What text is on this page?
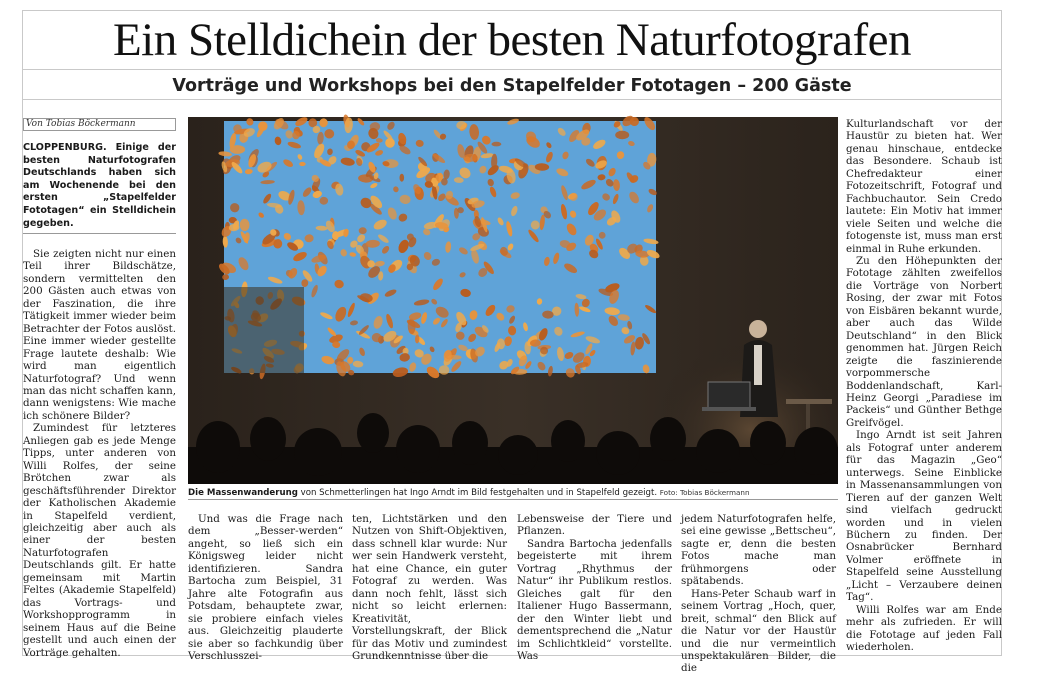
Ein Stelldichein der besten Naturfotografen
Vorträge und Workshops bei den Stapelfelder Fototagen – 200 Gäste
Von Tobias Böckermann
CLOPPENBURG. Einige der besten Naturfotografen Deutschlands haben sich am Wochenende bei den ersten „Stapelfelder Fototagen“ ein Stelldichein gegeben.

Sie zeigten nicht nur einen Teil ihrer Bildschätze, sondern vermittelten den 200 Gästen auch etwas von der Faszination, die ihre Tätigkeit immer wieder beim Betrachter der Fotos auslöst. Eine immer wieder gestellte Frage lautete deshalb: Wie wird man eigentlich Naturfotograf? Und wenn man das nicht schaffen kann, dann wenigstens: Wie mache ich schönere Bilder?

Zumindest für letzteres Anliegen gab es jede Menge Tipps, unter anderen von Willi Rolfes, der seine Brötchen zwar als geschäftsführender Direktor der Katholischen Akademie in Stapelfeld verdient, gleichzeitig aber auch als einer der besten Naturfotografen Deutschlands gilt. Er hatte gemeinsam mit Martin Feltes (Akademie Stapelfeld) das Vortrags- und Workshopprogramm in seinem Haus auf die Beine gestellt und auch einen der Vorträge gehalten.

Die Massenwanderung von Schmetterlingen hat Ingo Arndt im Bild festgehalten und in Stapelfeld gezeigt. Foto: Tobias Böckermann

Und was die Frage nach dem „Besser-werden“ angeht, so ließ sich ein Königsweg leider nicht identifizieren. Sandra Bartocha zum Beispiel, 31 Jahre alte Fotografin aus Potsdam, behauptete zwar, sie probiere einfach vieles aus. Gleichzeitig plauderte sie aber so fachkundig über Verschlusszei-

ten, Lichtstärken und den Nutzen von Shift-Objektiven, dass schnell klar wurde: Nur wer sein Handwerk versteht, hat eine Chance, ein guter Fotograf zu werden. Was dann noch fehlt, lässt sich nicht so leicht erlernen: Kreativität, Vorstellungskraft, der Blick für das Motiv und zumindest Grundkenntnisse über die

Lebensweise der Tiere und Pflanzen.

Sandra Bartocha jedenfalls begeisterte mit ihrem Vortrag „Rhythmus der Natur“ ihr Publikum restlos. Gleiches galt für den Italiener Hugo Bassermann, der den Winter liebt und dementsprechend die „Natur im Schlichtkleid“ vorstellte. Was

jedem Naturfotografen helfe, sei eine gewisse „Bettscheu“, sagte er, denn die besten Fotos mache man frühmorgens oder spätabends.

Hans-Peter Schaub warf in seinem Vortrag „Hoch, quer, breit, schmal“ den Blick auf die Natur vor der Haustür und die nur vermeintlich unspektakulären Bilder, die die

Kulturlandschaft vor der Haustür zu bieten hat. Wer genau hinschaue, entdecke das Besondere. Schaub ist Chefredakteur einer Fotozeitschrift, Fotograf und Fachbuchautor. Sein Credo lautete: Ein Motiv hat immer viele Seiten und welche die fotogenste ist, muss man erst einmal in Ruhe erkunden.

Zu den Höhepunkten der Fototage zählten zweifellos die Vorträge von Norbert Rosing, der zwar mit Fotos von Eisbären bekannt wurde, aber auch das Wilde Deutschland“ in den Blick genommen hat. Jürgen Reich zeigte die faszinierende vorpommersche Boddenlandschaft, Karl-Heinz Georgi „Paradiese im Packeis“ und Günther Bethge Greifvögel.

Ingo Arndt ist seit Jahren als Fotograf unter anderem für das Magazin „Geo“ unterwegs. Seine Einblicke in Massenansammlungen von Tieren auf der ganzen Welt sind vielfach gedruckt worden und in vielen Büchern zu finden. Der Osnabrücker Bernhard Volmer eröffnete in Stapelfeld seine Ausstellung „Licht – Verzaubere deinen Tag“.

Willi Rolfes war am Ende mehr als zufrieden. Er will die Fototage auf jeden Fall wiederholen.
